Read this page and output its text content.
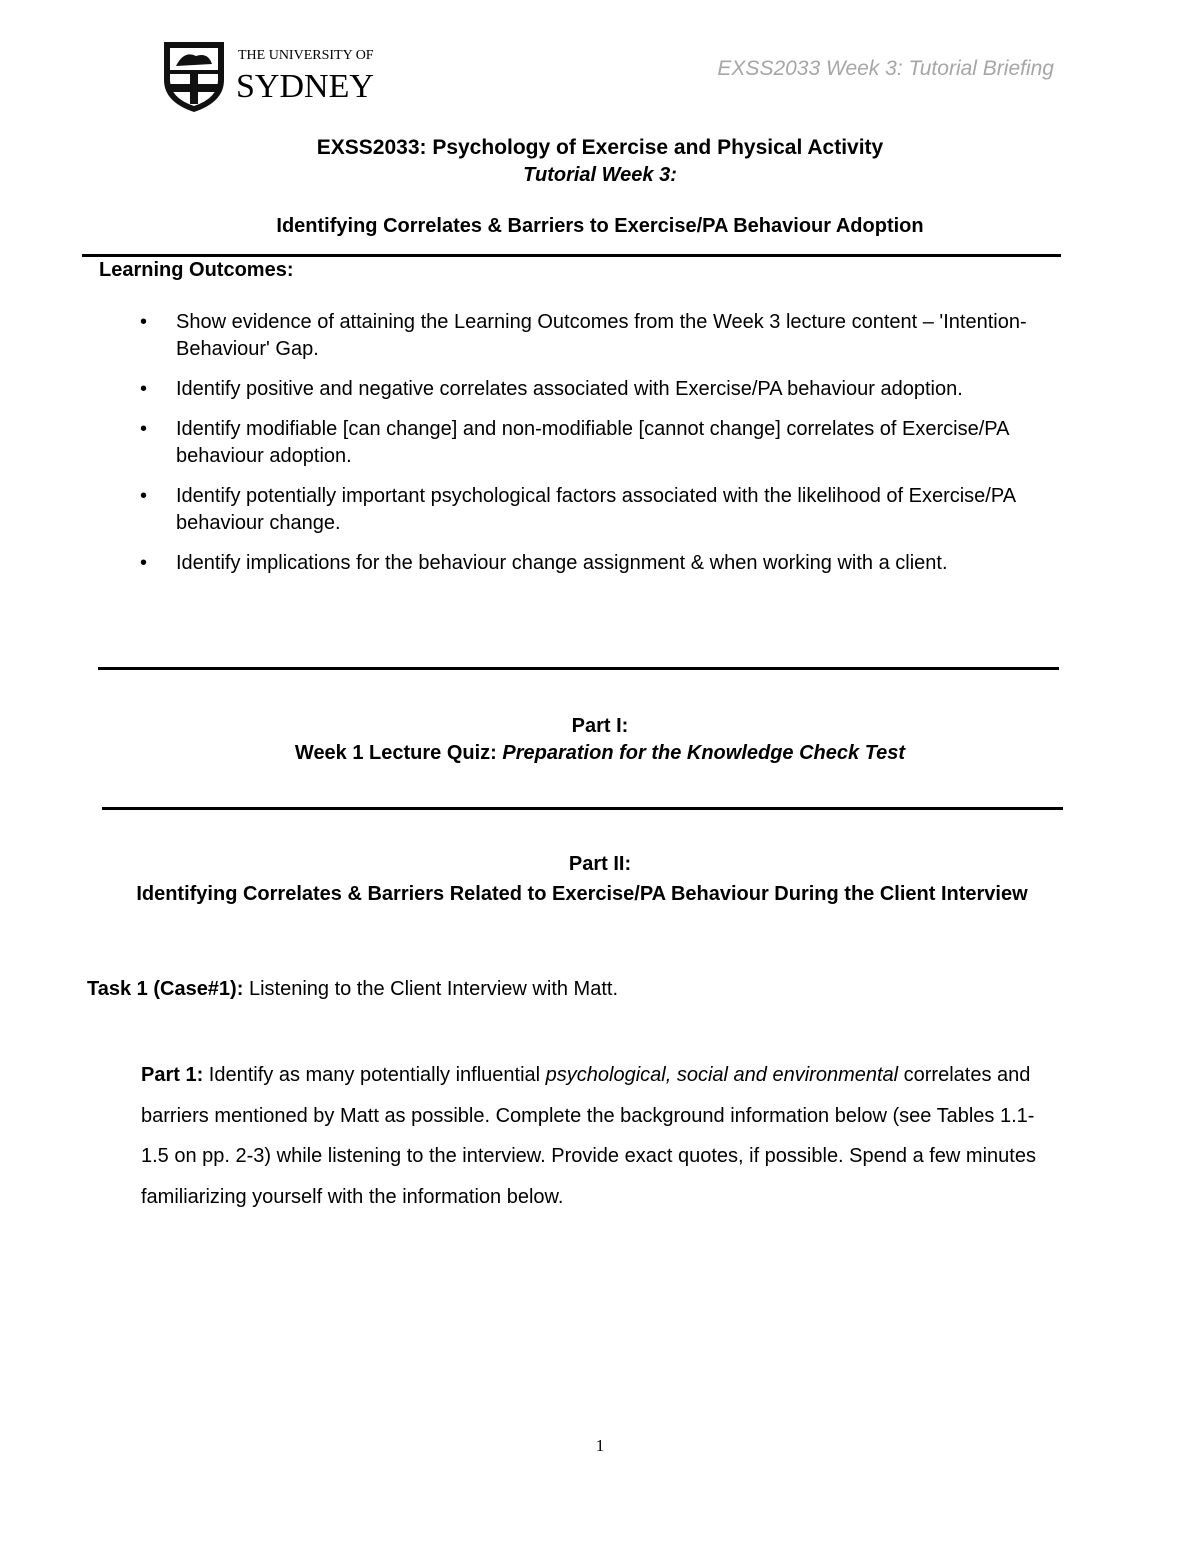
THE UNIVERSITY OF
SYDNEY	EXSS2033 Week 3: Tutorial Briefing
EXSS2033: Psychology of Exercise and Physical Activity
Tutorial Week 3:
Identifying Correlates & Barriers to Exercise/PA Behaviour Adoption
Learning Outcomes:
• Show evidence of attaining the Learning Outcomes from the Week 3 lecture content – 'Intention-Behaviour' Gap.
• Identify positive and negative correlates associated with Exercise/PA behaviour adoption.
• Identify modifiable [can change] and non-modifiable [cannot change] correlates of Exercise/PA behaviour adoption.
• Identify potentially important psychological factors associated with the likelihood of Exercise/PA behaviour change.
• Identify implications for the behaviour change assignment & when working with a client.
Part I:
Week 1 Lecture Quiz: Preparation for the Knowledge Check Test
Part II:
Identifying Correlates & Barriers Related to Exercise/PA Behaviour During the Client Interview
Task 1 (Case#1): Listening to the Client Interview with Matt.
Part 1: Identify as many potentially influential psychological, social and environmental correlates and barriers mentioned by Matt as possible. Complete the background information below (see Tables 1.1-1.5 on pp. 2-3) while listening to the interview. Provide exact quotes, if possible. Spend a few minutes familiarizing yourself with the information below.
1
